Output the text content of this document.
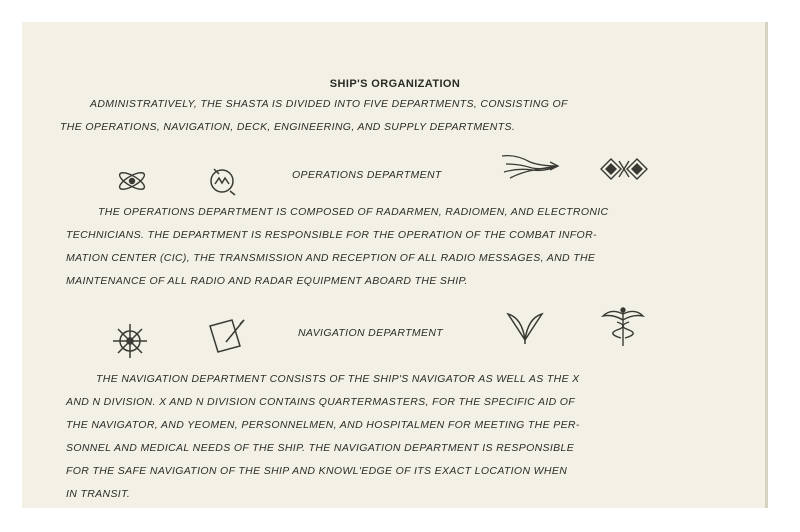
SHIP'S ORGANIZATION
ADMINISTRATIVELY, THE SHASTA IS DIVIDED INTO FIVE DEPARTMENTS, CONSISTING OF
THE OPERATIONS, NAVIGATION, DECK, ENGINEERING, AND SUPPLY DEPARTMENTS.
OPERATIONS DEPARTMENT
THE OPERATIONS DEPARTMENT IS COMPOSED OF RADARMEN, RADIOMEN, AND ELECTRONIC
TECHNICIANS. THE DEPARTMENT IS RESPONSIBLE FOR THE OPERATION OF THE COMBAT INFOR-
MATION CENTER (CIC), THE TRANSMISSION AND RECEPTION OF ALL RADIO MESSAGES, AND THE
MAINTENANCE OF ALL RADIO AND RADAR EQUIPMENT ABOARD THE SHIP.
NAVIGATION DEPARTMENT
THE NAVIGATION DEPARTMENT CONSISTS OF THE SHIP'S NAVIGATOR AS WELL AS THE X
AND N DIVISION. X AND N DIVISION CONTAINS QUARTERMASTERS, FOR THE SPECIFIC AID OF
THE NAVIGATOR, AND YEOMEN, PERSONNELMEN, AND HOSPITALMEN FOR MEETING THE PER-
SONNEL AND MEDICAL NEEDS OF THE SHIP. THE NAVIGATION DEPARTMENT IS RESPONSIBLE
FOR THE SAFE NAVIGATION OF THE SHIP AND KNOWL'EDGE OF ITS EXACT LOCATION WHEN
IN TRANSIT.
